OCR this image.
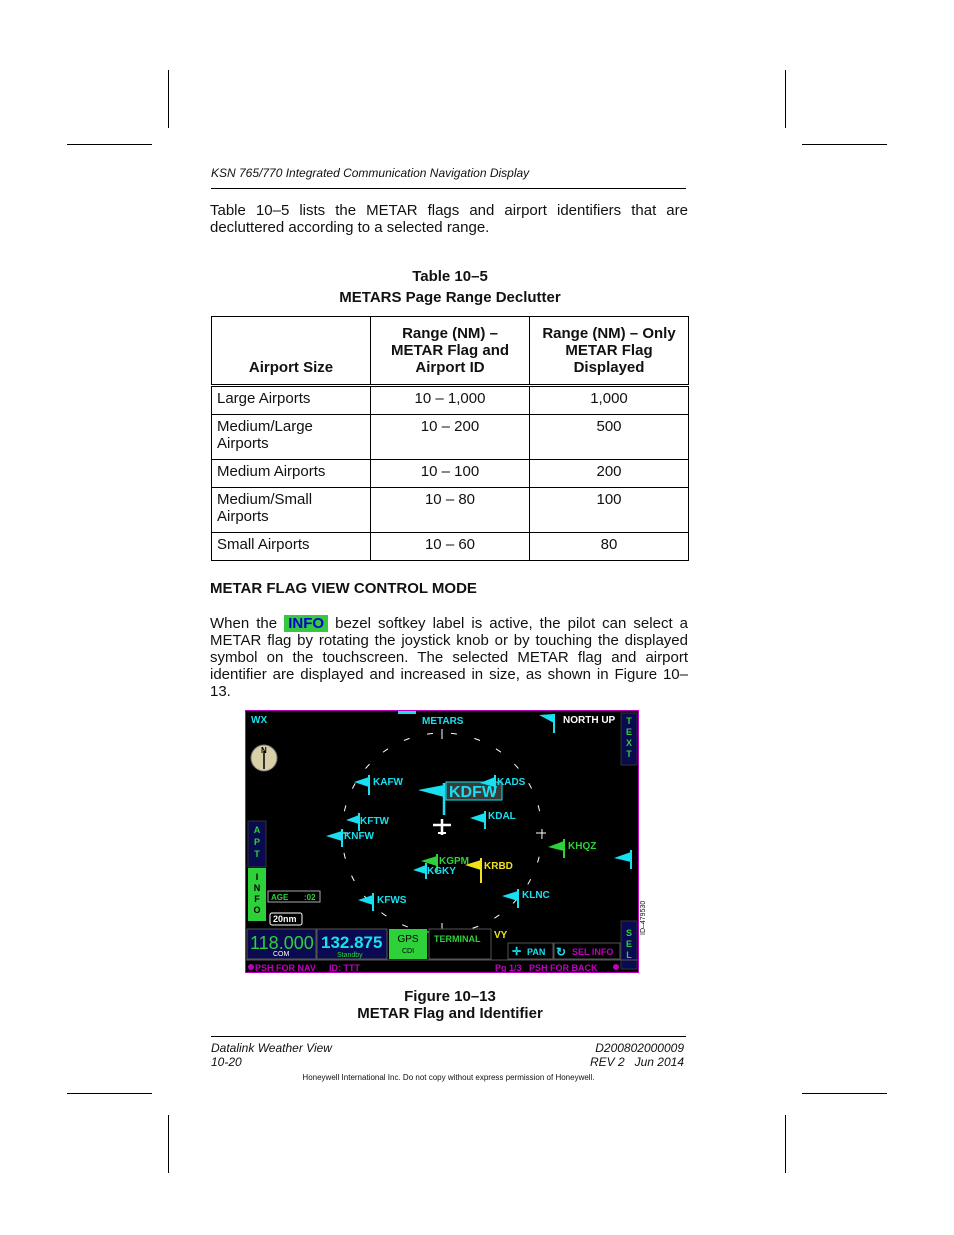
KSN 765/770 Integrated Communication Navigation Display
Table 10–5 lists the METAR flags and airport identifiers that are decluttered according to a selected range.
Table 10–5
METARS Page Range Declutter
Airport Size	Range (NM) – METAR Flag and Airport ID	Range (NM) – Only METAR Flag Displayed
Large Airports	10 – 1,000	1,000
Medium/Large Airports	10 – 200	500
Medium Airports	10 – 100	200
Medium/Small Airports	10 – 80	100
Small Airports	10 – 60	80
METAR FLAG VIEW CONTROL MODE
When the INFO bezel softkey label is active, the pilot can select a METAR flag by rotating the joystick knob or by touching the displayed symbol on the touchscreen. The selected METAR flag and airport identifier are displayed and increased in size, as shown in Figure 10–13.
WX	METARS	NORTH UP T
E
X
T
N
A
P
T
I
N
F
O
AGE :02
20nm
KDFW
KAFW	KADS
KFTW
KNFW
KDAL
KHQZ
KGPM
KGKY	KRBD
KFWS	KLNC
S
E
L
118.000
COM
132.875
Standby
GPS
CDI
TERMINAL VY
✛ PAN ↻ SEL INFO
PSH FOR NAV ID: TTT	Pg 1/3 PSH FOR BACK
ID–479530
Figure 10–13
METAR Flag and Identifier
Datalink Weather View
10-20
D200802000009
REV 2   Jun 2014
Honeywell International Inc. Do not copy without express permission of Honeywell.
